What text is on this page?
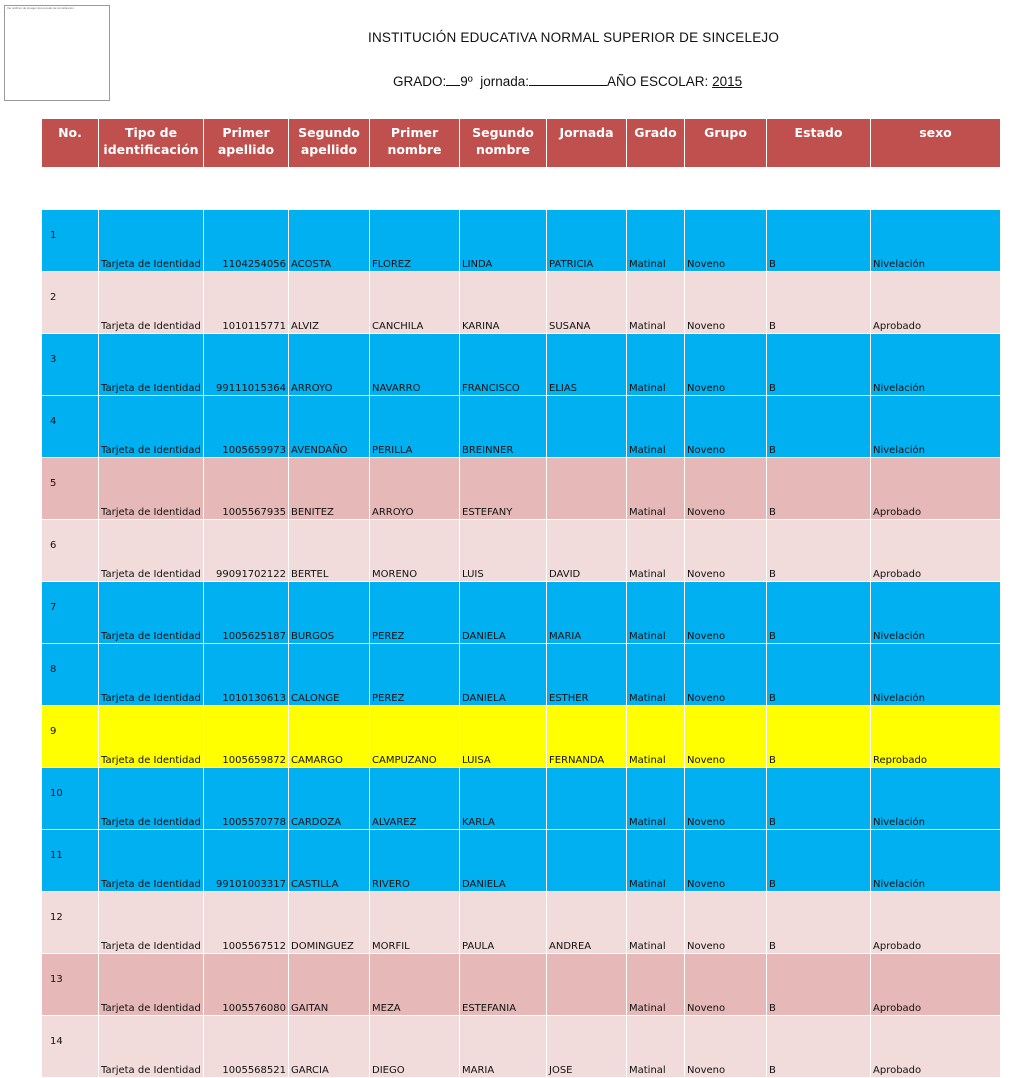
Ver archivo de imagen del escudo de la institución
INSTITUCIÓN EDUCATIVA NORMAL SUPERIOR DE SINCELEJO
GRADO: 9º jornada:	AÑO ESCOLAR: 2015
No.	Tipo de identificación	Primer apellido	Segundo apellido	Primer nombre	Segundo nombre	Jornada	Grado	Grupo	Estado	sexo

1	Tarjeta de Identidad	1104254056	ACOSTA	FLOREZ	LINDA	PATRICIA	Matinal	Noveno	B	Nivelación
2	Tarjeta de Identidad	1010115771	ALVIZ	CANCHILA	KARINA	SUSANA	Matinal	Noveno	B	Aprobado
3	Tarjeta de Identidad	99111015364	ARROYO	NAVARRO	FRANCISCO	ELIAS	Matinal	Noveno	B	Nivelación
4	Tarjeta de Identidad	1005659973	AVENDAÑO	PERILLA	BREINNER		Matinal	Noveno	B	Nivelación
5	Tarjeta de Identidad	1005567935	BENITEZ	ARROYO	ESTEFANY		Matinal	Noveno	B	Aprobado
6	Tarjeta de Identidad	99091702122	BERTEL	MORENO	LUIS	DAVID	Matinal	Noveno	B	Aprobado
7	Tarjeta de Identidad	1005625187	BURGOS	PEREZ	DANIELA	MARIA	Matinal	Noveno	B	Nivelación
8	Tarjeta de Identidad	1010130613	CALONGE	PEREZ	DANIELA	ESTHER	Matinal	Noveno	B	Nivelación
9	Tarjeta de Identidad	1005659872	CAMARGO	CAMPUZANO	LUISA	FERNANDA	Matinal	Noveno	B	Reprobado
10	Tarjeta de Identidad	1005570778	CARDOZA	ALVAREZ	KARLA		Matinal	Noveno	B	Nivelación
11	Tarjeta de Identidad	99101003317	CASTILLA	RIVERO	DANIELA		Matinal	Noveno	B	Nivelación
12	Tarjeta de Identidad	1005567512	DOMINGUEZ	MORFIL	PAULA	ANDREA	Matinal	Noveno	B	Aprobado
13	Tarjeta de Identidad	1005576080	GAITAN	MEZA	ESTEFANIA		Matinal	Noveno	B	Aprobado
14	Tarjeta de Identidad	1005568521	GARCIA	DIEGO	MARIA	JOSE	Matinal	Noveno	B	Aprobado
